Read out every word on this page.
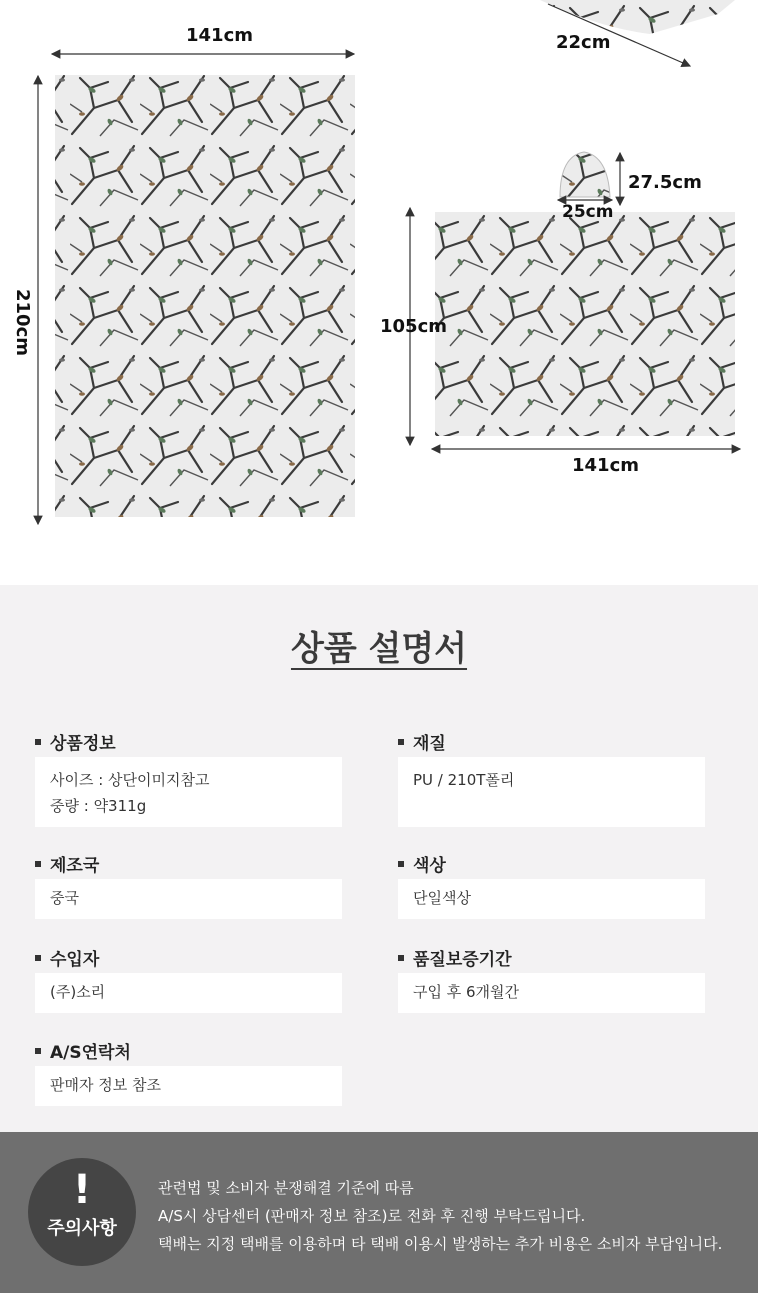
141cm
210cm
22cm
27.5cm
25cm
105cm
141cm
상품 설명서
상품정보
사이즈 : 상단이미지참고
중량 : 약311g
재질
PU / 210T폴리
제조국
중국
색상
단일색상
수입자
(주)소리
품질보증기간
구입 후 6개월간
A/S연락처
판매자 정보 참조
!
주의사항
관련법 및 소비자 분쟁해결 기준에 따름
A/S시 상담센터 (판매자 정보 참조)로 전화 후 진행 부탁드립니다.
택배는 지정 택배를 이용하며 타 택배 이용시 발생하는 추가 비용은 소비자 부담입니다.
